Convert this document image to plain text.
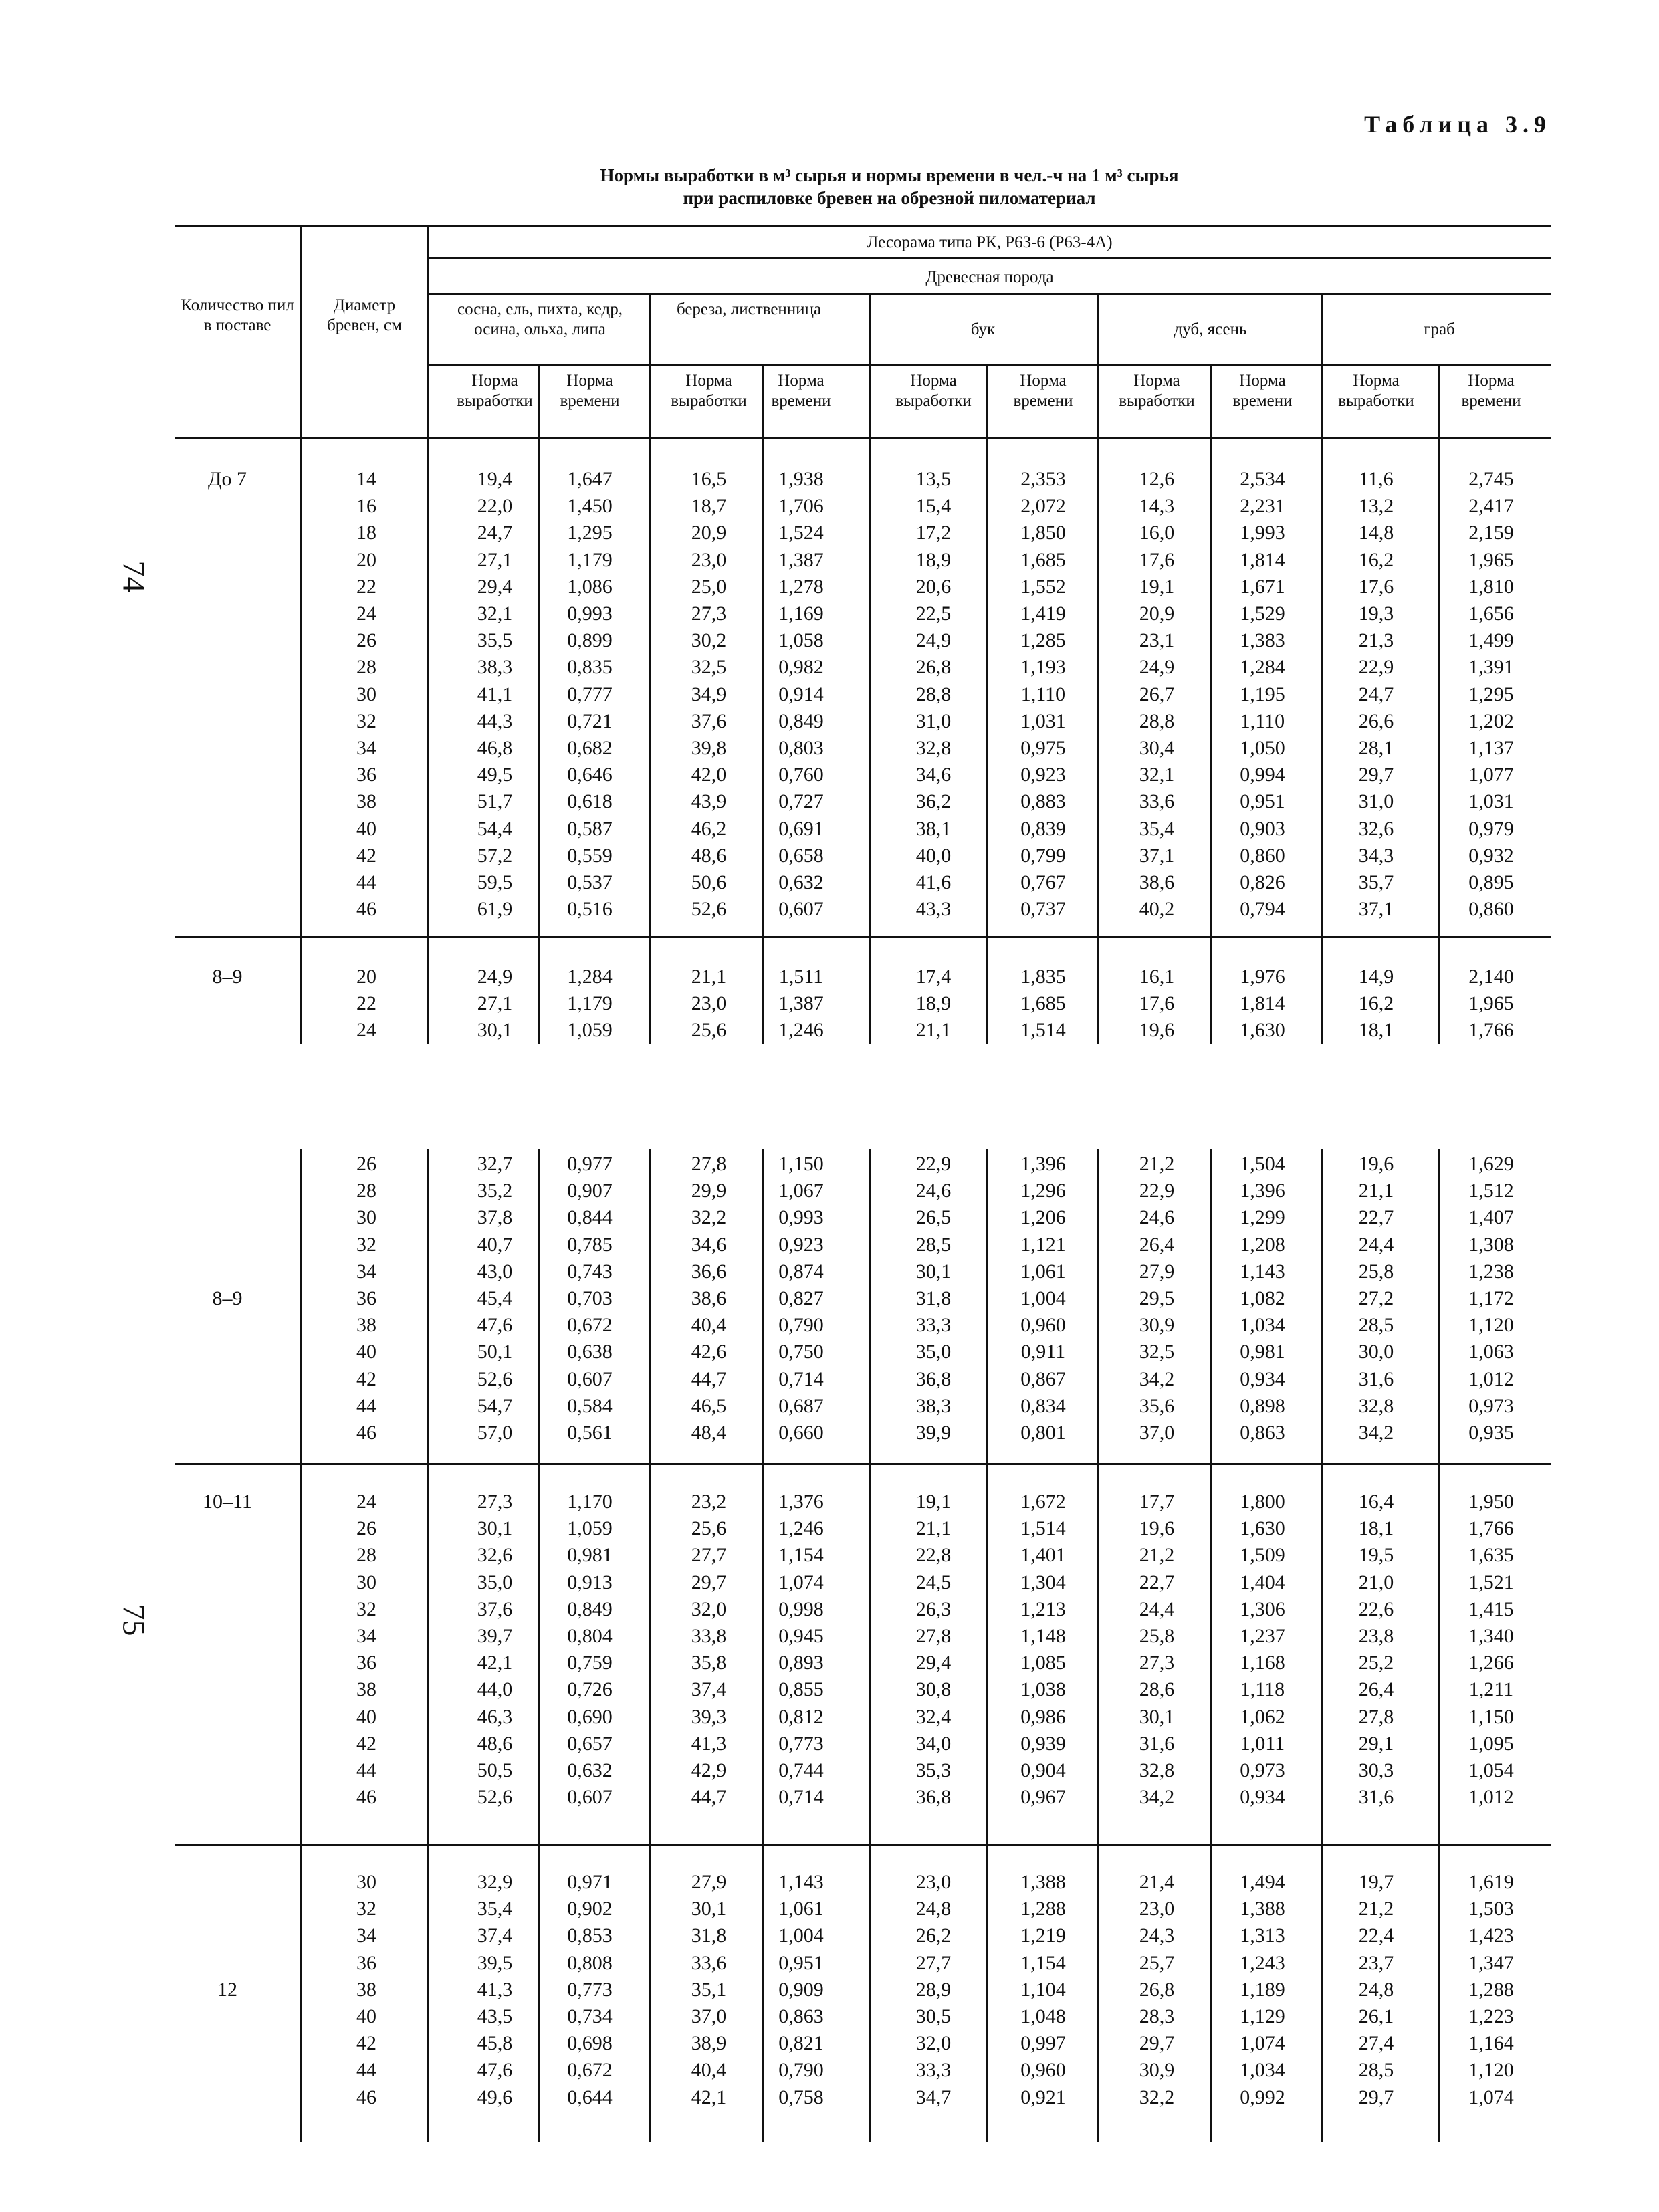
Таблица 3.9
Нормы выработки в м³ сырья и нормы времени в чел.-ч на 1 м³ сырья
при распиловке бревен на обрезной пиломатериал
74
75
Количество пил в поставе
Диаметр бревен, см
Лесорама типа РК, Р63-6 (Р63-4А)
Древесная порода
сосна, ель, пихта, кедр, осина, ольха, липа
береза, лиственница
бук	дуб, ясень	граб
Норма выработки
Норма времени
Норма выработки
Норма времени
Норма выработки
Норма времени
Норма выработки
Норма времени
Норма выработки
Норма времени
До 7	14	19,4	1,647	16,5	1,938	13,5	2,353	12,6	2,534	11,6	2,745
16	22,0	1,450	18,7	1,706	15,4	2,072	14,3	2,231	13,2	2,417
18	24,7	1,295	20,9	1,524	17,2	1,850	16,0	1,993	14,8	2,159
20	27,1	1,179	23,0	1,387	18,9	1,685	17,6	1,814	16,2	1,965
22	29,4	1,086	25,0	1,278	20,6	1,552	19,1	1,671	17,6	1,810
24	32,1	0,993	27,3	1,169	22,5	1,419	20,9	1,529	19,3	1,656
26	35,5	0,899	30,2	1,058	24,9	1,285	23,1	1,383	21,3	1,499
28	38,3	0,835	32,5	0,982	26,8	1,193	24,9	1,284	22,9	1,391
30	41,1	0,777	34,9	0,914	28,8	1,110	26,7	1,195	24,7	1,295
32	44,3	0,721	37,6	0,849	31,0	1,031	28,8	1,110	26,6	1,202
34	46,8	0,682	39,8	0,803	32,8	0,975	30,4	1,050	28,1	1,137
36	49,5	0,646	42,0	0,760	34,6	0,923	32,1	0,994	29,7	1,077
38	51,7	0,618	43,9	0,727	36,2	0,883	33,6	0,951	31,0	1,031
40	54,4	0,587	46,2	0,691	38,1	0,839	35,4	0,903	32,6	0,979
42	57,2	0,559	48,6	0,658	40,0	0,799	37,1	0,860	34,3	0,932
44	59,5	0,537	50,6	0,632	41,6	0,767	38,6	0,826	35,7	0,895
46	61,9	0,516	52,6	0,607	43,3	0,737	40,2	0,794	37,1	0,860
8–9	20	24,9	1,284	21,1	1,511	17,4	1,835	16,1	1,976	14,9	2,140
22	27,1	1,179	23,0	1,387	18,9	1,685	17,6	1,814	16,2	1,965
24	30,1	1,059	25,6	1,246	21,1	1,514	19,6	1,630	18,1	1,766
8–9
26	32,7	0,977	27,8	1,150	22,9	1,396	21,2	1,504	19,6	1,629
28	35,2	0,907	29,9	1,067	24,6	1,296	22,9	1,396	21,1	1,512
30	37,8	0,844	32,2	0,993	26,5	1,206	24,6	1,299	22,7	1,407
32	40,7	0,785	34,6	0,923	28,5	1,121	26,4	1,208	24,4	1,308
34	43,0	0,743	36,6	0,874	30,1	1,061	27,9	1,143	25,8	1,238
36	45,4	0,703	38,6	0,827	31,8	1,004	29,5	1,082	27,2	1,172
38	47,6	0,672	40,4	0,790	33,3	0,960	30,9	1,034	28,5	1,120
40	50,1	0,638	42,6	0,750	35,0	0,911	32,5	0,981	30,0	1,063
42	52,6	0,607	44,7	0,714	36,8	0,867	34,2	0,934	31,6	1,012
44	54,7	0,584	46,5	0,687	38,3	0,834	35,6	0,898	32,8	0,973
46	57,0	0,561	48,4	0,660	39,9	0,801	37,0	0,863	34,2	0,935
10–11	24	27,3	1,170	23,2	1,376	19,1	1,672	17,7	1,800	16,4	1,950
26	30,1	1,059	25,6	1,246	21,1	1,514	19,6	1,630	18,1	1,766
28	32,6	0,981	27,7	1,154	22,8	1,401	21,2	1,509	19,5	1,635
30	35,0	0,913	29,7	1,074	24,5	1,304	22,7	1,404	21,0	1,521
32	37,6	0,849	32,0	0,998	26,3	1,213	24,4	1,306	22,6	1,415
34	39,7	0,804	33,8	0,945	27,8	1,148	25,8	1,237	23,8	1,340
36	42,1	0,759	35,8	0,893	29,4	1,085	27,3	1,168	25,2	1,266
38	44,0	0,726	37,4	0,855	30,8	1,038	28,6	1,118	26,4	1,211
40	46,3	0,690	39,3	0,812	32,4	0,986	30,1	1,062	27,8	1,150
42	48,6	0,657	41,3	0,773	34,0	0,939	31,6	1,011	29,1	1,095
44	50,5	0,632	42,9	0,744	35,3	0,904	32,8	0,973	30,3	1,054
46	52,6	0,607	44,7	0,714	36,8	0,967	34,2	0,934	31,6	1,012
12
30	32,9	0,971	27,9	1,143	23,0	1,388	21,4	1,494	19,7	1,619
32	35,4	0,902	30,1	1,061	24,8	1,288	23,0	1,388	21,2	1,503
34	37,4	0,853	31,8	1,004	26,2	1,219	24,3	1,313	22,4	1,423
36	39,5	0,808	33,6	0,951	27,7	1,154	25,7	1,243	23,7	1,347
38	41,3	0,773	35,1	0,909	28,9	1,104	26,8	1,189	24,8	1,288
40	43,5	0,734	37,0	0,863	30,5	1,048	28,3	1,129	26,1	1,223
42	45,8	0,698	38,9	0,821	32,0	0,997	29,7	1,074	27,4	1,164
44	47,6	0,672	40,4	0,790	33,3	0,960	30,9	1,034	28,5	1,120
46	49,6	0,644	42,1	0,758	34,7	0,921	32,2	0,992	29,7	1,074
